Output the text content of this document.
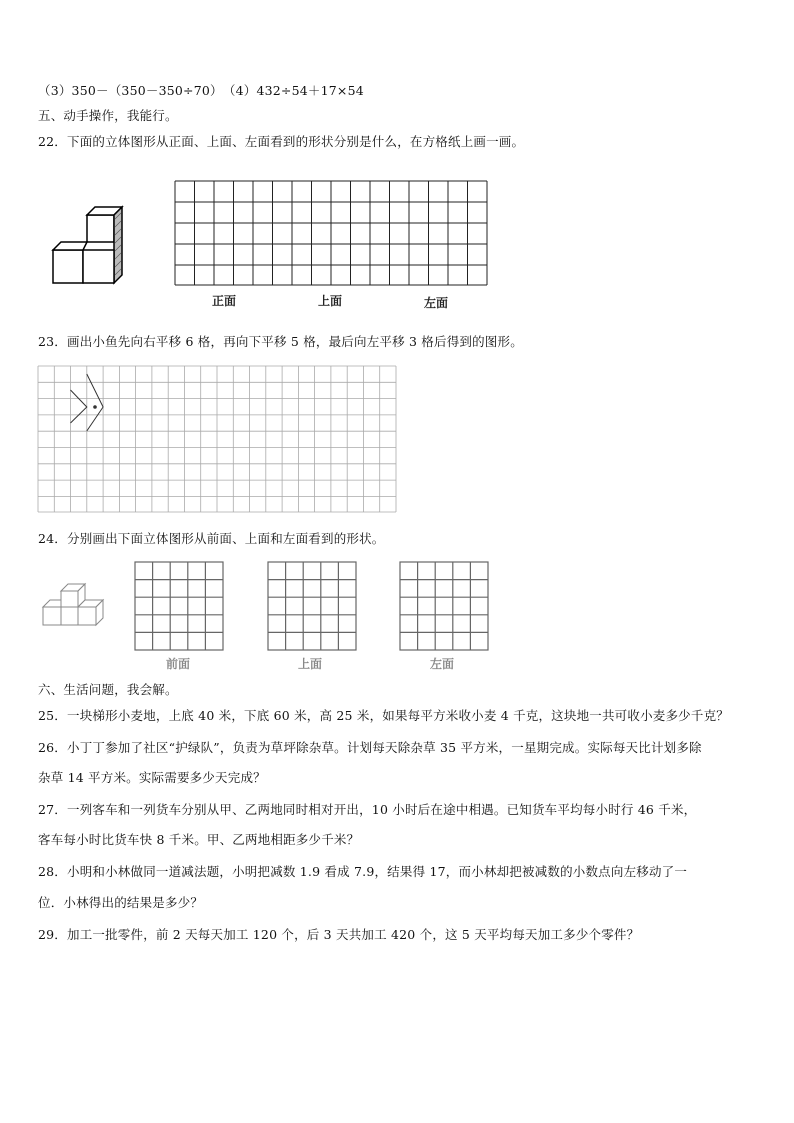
（3）350－（350－350÷70）　（4）432÷54＋17×54
五、动手操作，我能行。
22．下面的立体图形从正面、上面、左面看到的形状分别是什么，在方格纸上画一画。
正面	上面	左面
23．画出小鱼先向右平移 6 格，再向下平移 5 格，最后向左平移 3 格后得到的图形。
24．分别画出下面立体图形从前面、上面和左面看到的形状。
前面	上面	左面
六、生活问题，我会解。
25．一块梯形小麦地，上底 40 米，下底 60 米，高 25 米，如果每平方米收小麦 4 千克，这块地一共可收小麦多少千克？
26．小丁丁参加了社区“护绿队”，负责为草坪除杂草。计划每天除杂草 35 平方米，一星期完成。实际每天比计划多除
杂草 14 平方米。实际需要多少天完成？
27．一列客车和一列货车分别从甲、乙两地同时相对开出，10 小时后在途中相遇。已知货车平均每小时行 46 千米，
客车每小时比货车快 8 千米。甲、乙两地相距多少千米？
28．小明和小林做同一道减法题，小明把减数 1.9 看成 7.9，结果得 17，而小林却把被减数的小数点向左移动了一
位．小林得出的结果是多少？
29．加工一批零件，前 2 天每天加工 120 个，后 3 天共加工 420 个，这 5 天平均每天加工多少个零件？
